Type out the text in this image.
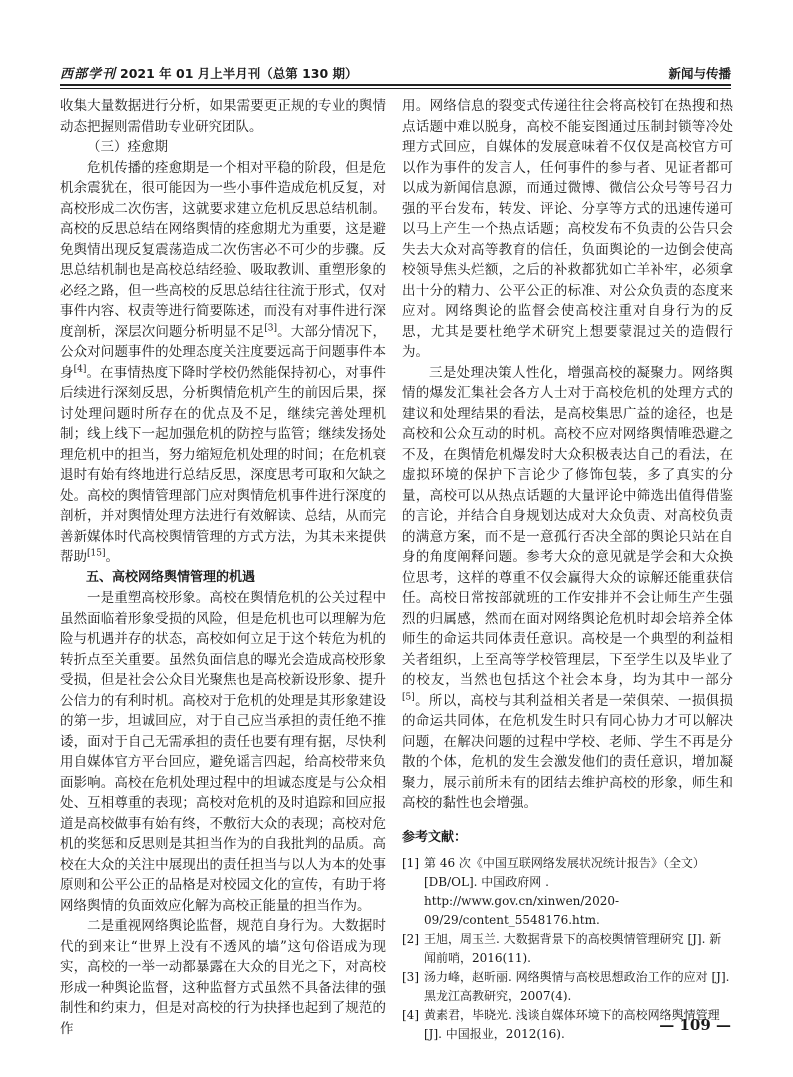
西部学刊 2021 年 01 月上半月刊（总第 130 期）	新闻与传播

收集大量数据进行分析，如果需要更正规的专业的舆情动态把握则需借助专业研究团队。

（三）痊愈期

危机传播的痊愈期是一个相对平稳的阶段，但是危机余震犹在，很可能因为一些小事件造成危机反复，对高校形成二次伤害，这就要求建立危机反思总结机制。高校的反思总结在网络舆情的痊愈期尤为重要，这是避免舆情出现反复震荡造成二次伤害必不可少的步骤。反思总结机制也是高校总结经验、吸取教训、重塑形象的必经之路，但一些高校的反思总结往往流于形式，仅对事件内容、权责等进行简要陈述，而没有对事件进行深度剖析，深层次问题分析明显不足[3]。大部分情况下，公众对问题事件的处理态度关注度要远高于问题事件本身[4]。在事情热度下降时学校仍然能保持初心，对事件后续进行深刻反思，分析舆情危机产生的前因后果，探讨处理问题时所存在的优点及不足，继续完善处理机制；线上线下一起加强危机的防控与监管；继续发扬处理危机中的担当，努力缩短危机处理的时间；在危机衰退时有始有终地进行总结反思，深度思考可取和欠缺之处。高校的舆情管理部门应对舆情危机事件进行深度的剖析，并对舆情处理方法进行有效解读、总结，从而完善新媒体时代高校舆情管理的方式方法，为其未来提供帮助[15]。

五、高校网络舆情管理的机遇

一是重塑高校形象。高校在舆情危机的公关过程中虽然面临着形象受损的风险，但是危机也可以理解为危险与机遇并存的状态，高校如何立足于这个转危为机的转折点至关重要。虽然负面信息的曝光会造成高校形象受损，但是社会公众目光聚焦也是高校新设形象、提升公信力的有利时机。高校对于危机的处理是其形象建设的第一步，坦诚回应，对于自己应当承担的责任绝不推诿，面对于自己无需承担的责任也要有理有据，尽快利用自媒体官方平台回应，避免谣言四起，给高校带来负面影响。高校在危机处理过程中的坦诚态度是与公众相处、互相尊重的表现；高校对危机的及时追踪和回应报道是高校做事有始有终，不敷衍大众的表现；高校对危机的奖惩和反思则是其担当作为的自我批判的品质。高校在大众的关注中展现出的责任担当与以人为本的处事原则和公平公正的品格是对校园文化的宣传，有助于将网络舆情的负面效应化解为高校正能量的担当作为。

二是重视网络舆论监督，规范自身行为。大数据时代的到来让“世界上没有不透风的墙”这句俗语成为现实，高校的一举一动都暴露在大众的目光之下，对高校形成一种舆论监督，这种监督方式虽然不具备法律的强制性和约束力，但是对高校的行为抉择也起到了规范的作

用。网络信息的裂变式传递往往会将高校钉在热搜和热点话题中难以脱身，高校不能妄图通过压制封锁等冷处理方式回应，自媒体的发展意味着不仅仅是高校官方可以作为事件的发言人，任何事件的参与者、见证者都可以成为新闻信息源，而通过微博、微信公众号等号召力强的平台发布，转发、评论、分享等方式的迅速传递可以马上产生一个热点话题；高校发布不负责的公告只会失去大众对高等教育的信任，负面舆论的一边倒会使高校领导焦头烂额，之后的补救都犹如亡羊补牢，必须拿出十分的精力、公平公正的标准、对公众负责的态度来应对。网络舆论的监督会使高校注重对自身行为的反思，尤其是要杜绝学术研究上想要蒙混过关的造假行为。

三是处理决策人性化，增强高校的凝聚力。网络舆情的爆发汇集社会各方人士对于高校危机的处理方式的建议和处理结果的看法，是高校集思广益的途径，也是高校和公众互动的时机。高校不应对网络舆情唯恐避之不及，在舆情危机爆发时大众积极表达自己的看法，在虚拟环境的保护下言论少了修饰包装，多了真实的分量，高校可以从热点话题的大量评论中筛选出值得借鉴的言论，并结合自身规划达成对大众负责、对高校负责的满意方案，而不是一意孤行否决全部的舆论只站在自身的角度阐释问题。参考大众的意见就是学会和大众换位思考，这样的尊重不仅会赢得大众的谅解还能重获信任。高校日常按部就班的工作安排并不会让师生产生强烈的归属感，然而在面对网络舆论危机时却会培养全体师生的命运共同体责任意识。高校是一个典型的利益相关者组织，上至高等学校管理层，下至学生以及毕业了的校友，当然也包括这个社会本身，均为其中一部分[5]。所以，高校与其利益相关者是一荣俱荣、一损俱损的命运共同体，在危机发生时只有同心协力才可以解决问题，在解决问题的过程中学校、老师、学生不再是分散的个体，危机的发生会激发他们的责任意识，增加凝聚力，展示前所未有的团结去维护高校的形象，师生和高校的黏性也会增强。

参考文献：
[1] 第 46 次《中国互联网络发展状况统计报告》（全文）[DB/OL]. 中国政府网 . http://www.gov.cn/xinwen/2020-09/29/content_5548176.htm.
[2] 王旭，周玉兰. 大数据背景下的高校舆情管理研究 [J]. 新闻前哨，2016(11).
[3] 汤力峰，赵昕丽. 网络舆情与高校思想政治工作的应对 [J]. 黑龙江高教研究，2007(4).
[4] 黄素君，毕晓光. 浅谈自媒体环境下的高校网络舆情管理 [J]. 中国报业，2012(16).	— 109 —
